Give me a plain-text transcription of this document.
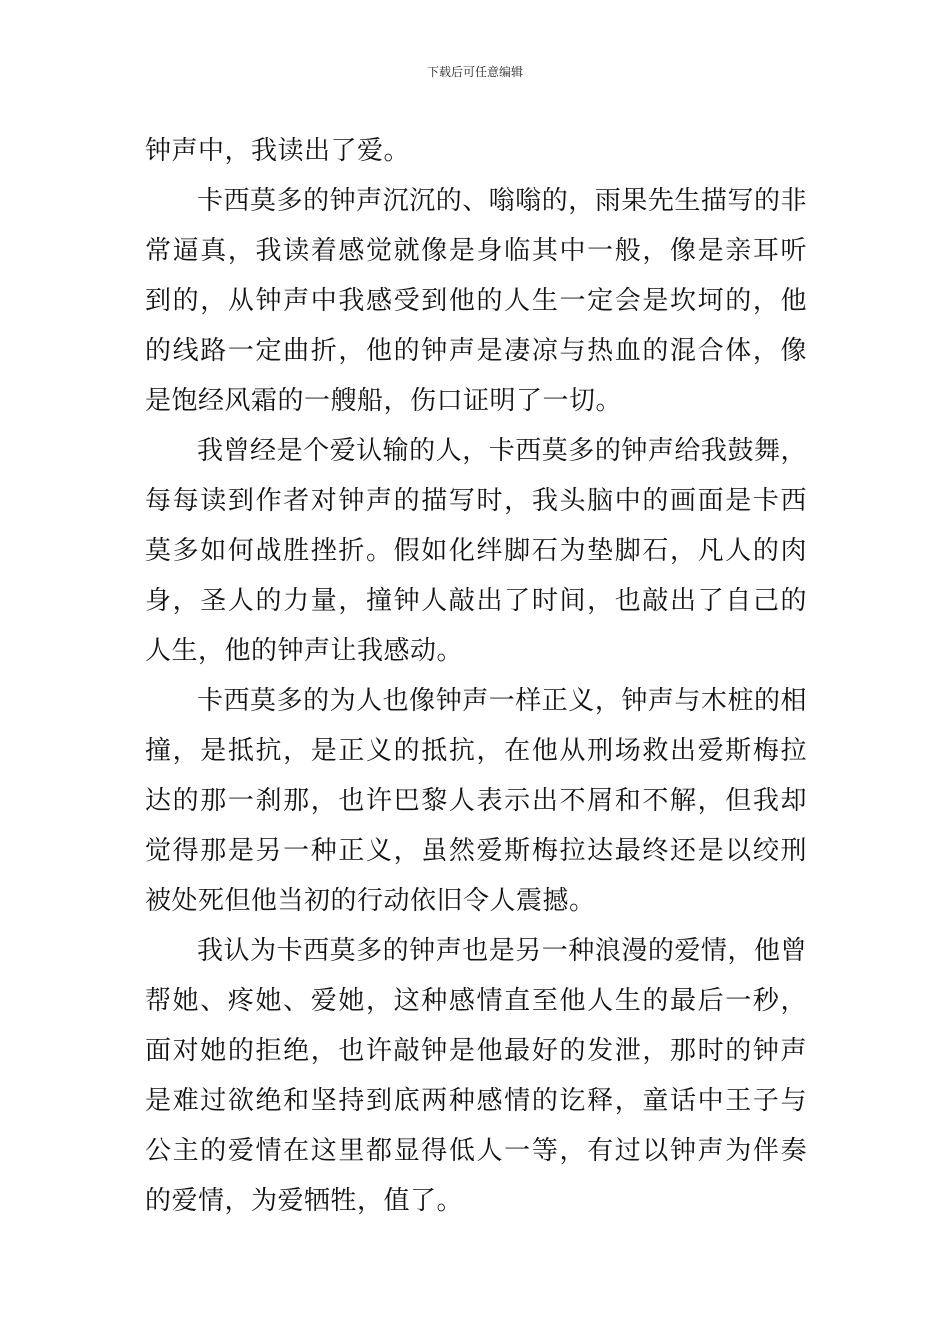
下载后可任意编辑

钟声中，我读出了爱。

卡西莫多的钟声沉沉的、嗡嗡的，雨果先生描写的非常逼真，我读着感觉就像是身临其中一般，像是亲耳听到的，从钟声中我感受到他的人生一定会是坎坷的，他的线路一定曲折，他的钟声是凄凉与热血的混合体，像是饱经风霜的一艘船，伤口证明了一切。

我曾经是个爱认输的人，卡西莫多的钟声给我鼓舞，每每读到作者对钟声的描写时，我头脑中的画面是卡西莫多如何战胜挫折。假如化绊脚石为垫脚石，凡人的肉身，圣人的力量，撞钟人敲出了时间，也敲出了自己的人生，他的钟声让我感动。

卡西莫多的为人也像钟声一样正义，钟声与木桩的相撞，是抵抗，是正义的抵抗，在他从刑场救出爱斯梅拉达的那一刹那，也许巴黎人表示出不屑和不解，但我却觉得那是另一种正义，虽然爱斯梅拉达最终还是以绞刑被处死但他当初的行动依旧令人震撼。

我认为卡西莫多的钟声也是另一种浪漫的爱情，他曾帮她、疼她、爱她，这种感情直至他人生的最后一秒，面对她的拒绝，也许敲钟是他最好的发泄，那时的钟声是难过欲绝和坚持到底两种感情的讫释，童话中王子与公主的爱情在这里都显得低人一等，有过以钟声为伴奏的爱情，为爱牺牲，值了。
